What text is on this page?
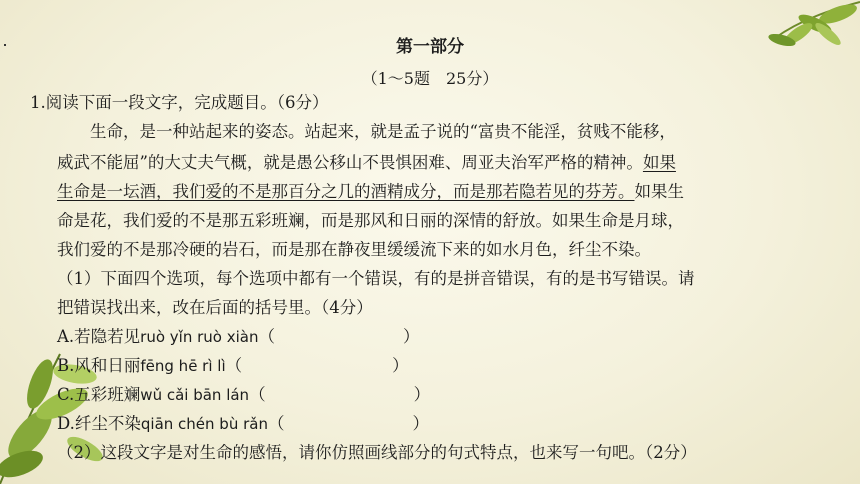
第一部分
（1～5题　25分）
1.阅读下面一段文字，完成题目。（6分）
生命，是一种站起来的姿态。站起来，就是孟子说的“富贵不能淫，贫贱不能移，
威武不能屈”的大丈夫气概，就是愚公移山不畏惧困难、周亚夫治军严格的精神。如果
生命是一坛酒，我们爱的不是那百分之几的酒精成分，而是那若隐若见的芬芳。如果生
命是花，我们爱的不是那五彩班斓，而是那风和日丽的深情的舒放。如果生命是月球，
我们爱的不是那冷硬的岩石，而是那在静夜里缓缓流下来的如水月色，纤尘不染。
（1）下面四个选项，每个选项中都有一个错误，有的是拼音错误，有的是书写错误。请
把错误找出来，改在后面的括号里。（4分）
A.若隐若见ruò yǐn ruò xiàn（	）
B.风和日丽fēng hē rì lì（	）
C.五彩班斓wǔ cǎi bān lán（	）
D.纤尘不染qiān chén bù rǎn（	）
（2）这段文字是对生命的感悟，请你仿照画线部分的句式特点，也来写一句吧。（2分）
